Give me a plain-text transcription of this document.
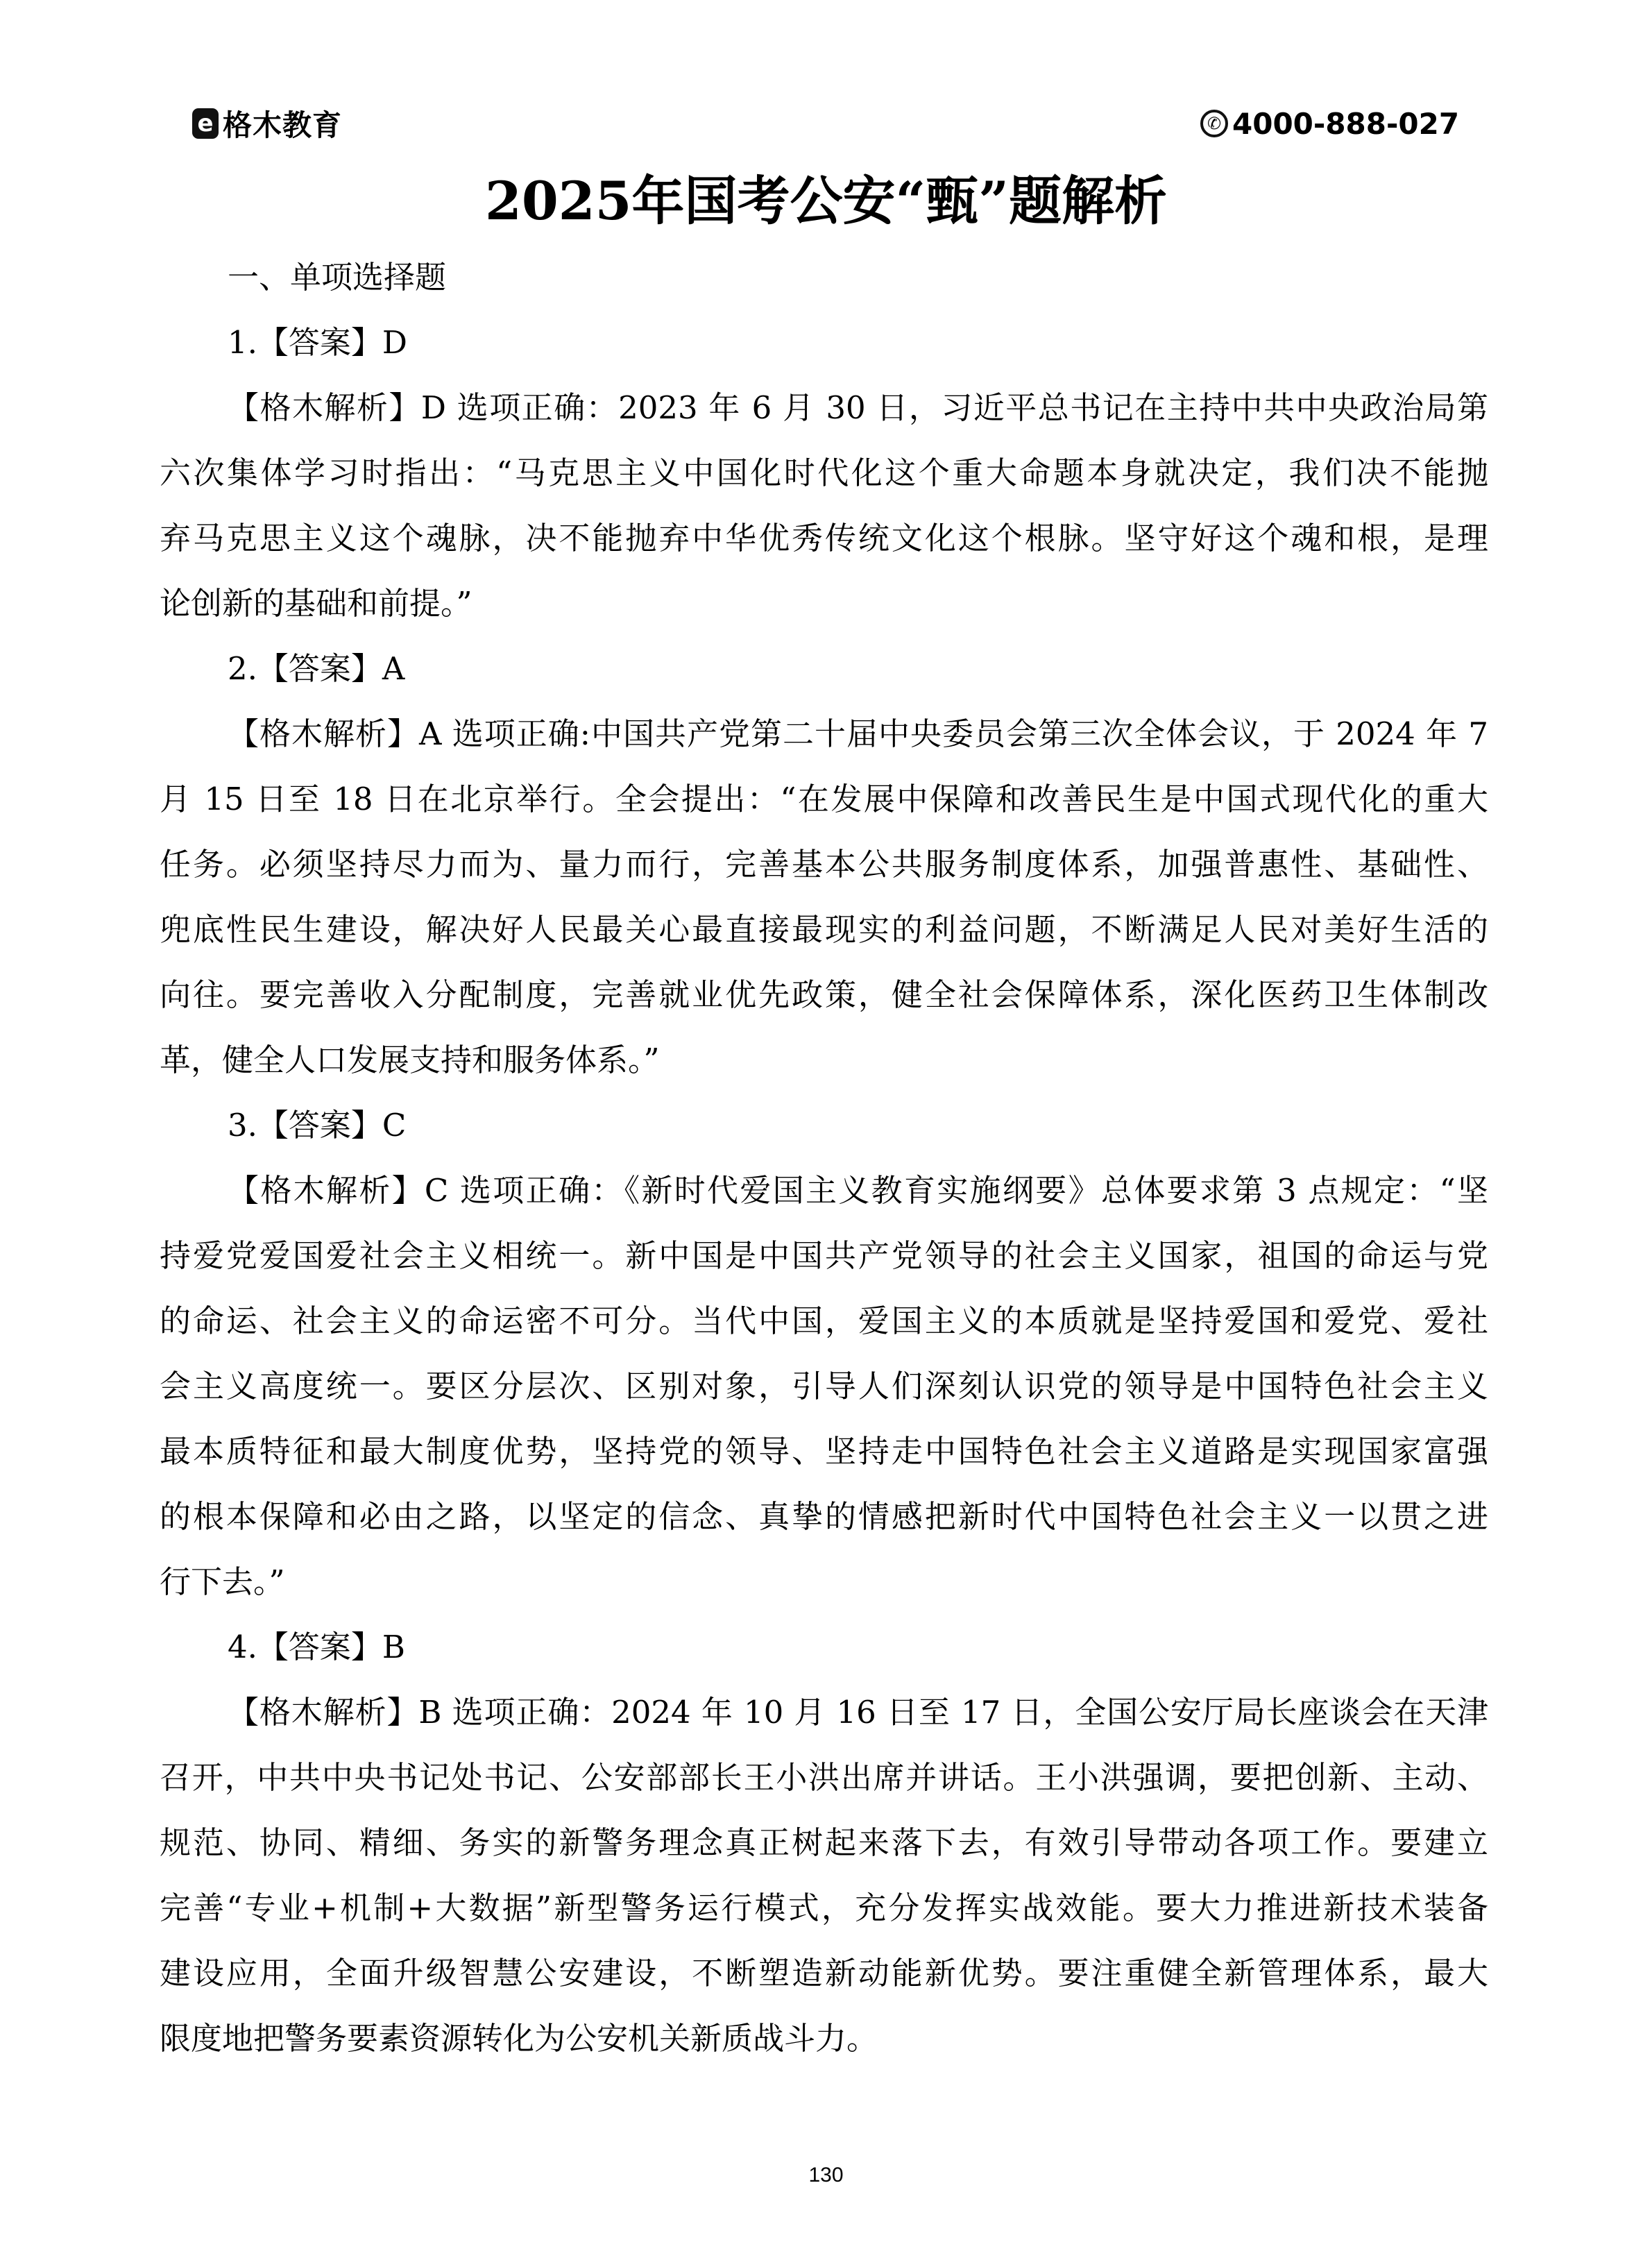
e 格木教育	✆ 4000-888-027
2025年国考公安“甄”题解析
一、单项选择题
1.【答案】D
【格木解析】D 选项正确：2023 年 6 月 30 日，习近平总书记在主持中共中央政治局第
六次集体学习时指出：“马克思主义中国化时代化这个重大命题本身就决定，我们决不能抛
弃马克思主义这个魂脉，决不能抛弃中华优秀传统文化这个根脉。坚守好这个魂和根，是理
论创新的基础和前提。”
2.【答案】A
【格木解析】A 选项正确:中国共产党第二十届中央委员会第三次全体会议，于 2024 年 7
月 15 日至 18 日在北京举行。全会提出：“在发展中保障和改善民生是中国式现代化的重大
任务。必须坚持尽力而为、量力而行，完善基本公共服务制度体系，加强普惠性、基础性、
兜底性民生建设，解决好人民最关心最直接最现实的利益问题，不断满足人民对美好生活的
向往。要完善收入分配制度，完善就业优先政策，健全社会保障体系，深化医药卫生体制改
革，健全人口发展支持和服务体系。”
3.【答案】C
【格木解析】C 选项正确：《新时代爱国主义教育实施纲要》总体要求第 3 点规定：“坚
持爱党爱国爱社会主义相统一。新中国是中国共产党领导的社会主义国家，祖国的命运与党
的命运、社会主义的命运密不可分。当代中国，爱国主义的本质就是坚持爱国和爱党、爱社
会主义高度统一。要区分层次、区别对象，引导人们深刻认识党的领导是中国特色社会主义
最本质特征和最大制度优势，坚持党的领导、坚持走中国特色社会主义道路是实现国家富强
的根本保障和必由之路，以坚定的信念、真挚的情感把新时代中国特色社会主义一以贯之进
行下去。”
4.【答案】B
【格木解析】B 选项正确：2024 年 10 月 16 日至 17 日，全国公安厅局长座谈会在天津
召开，中共中央书记处书记、公安部部长王小洪出席并讲话。王小洪强调，要把创新、主动、
规范、协同、精细、务实的新警务理念真正树起来落下去，有效引导带动各项工作。要建立
完善“专业+机制+大数据”新型警务运行模式，充分发挥实战效能。要大力推进新技术装备
建设应用，全面升级智慧公安建设，不断塑造新动能新优势。要注重健全新管理体系，最大
限度地把警务要素资源转化为公安机关新质战斗力。
130
